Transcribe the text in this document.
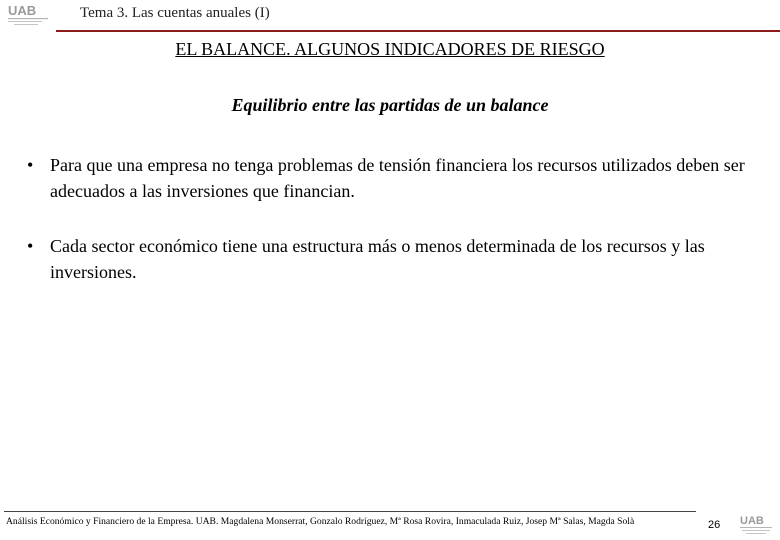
UAB	Tema 3. Las cuentas anuales (I)
EL BALANCE. ALGUNOS INDICADORES DE RIESGO
Equilibrio entre las partidas de un balance
• Para que una empresa no tenga problemas de tensión financiera los recursos utilizados deben ser adecuados a las inversiones que financian.
• Cada sector económico tiene una estructura más o menos determinada de los recursos y las inversiones.
Análisis Económico y Financiero de la Empresa. UAB. Magdalena Monserrat, Gonzalo Rodríguez, Mª Rosa Rovira, Inmaculada Ruiz, Josep Mª Salas, Magda Solà	26 UAB
